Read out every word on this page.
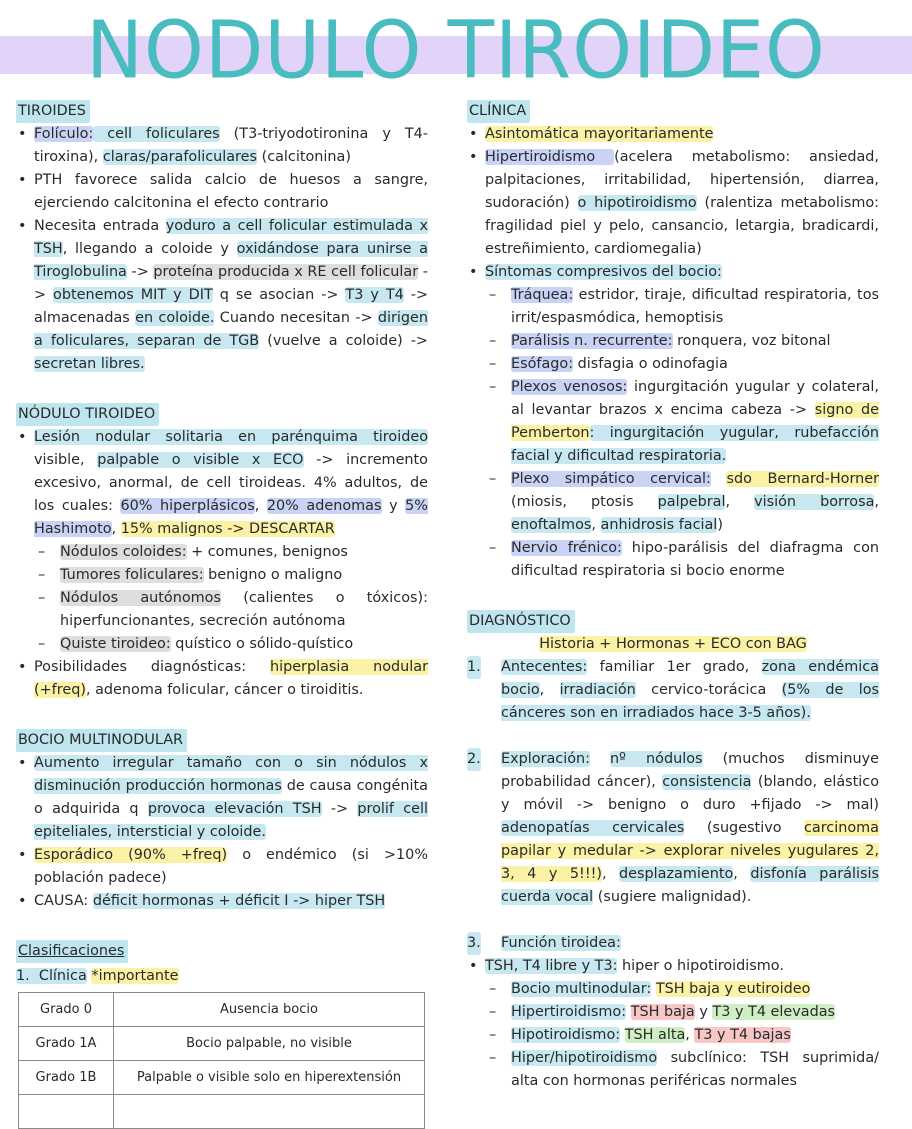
NODULO TIROIDEO
TIROIDES
• Folículo: cell foliculares (T3-triyodotironina y T4-tiroxina), claras/parafoliculares (calcitonina)
• PTH favorece salida calcio de huesos a sangre, ejerciendo calcitonina el efecto contrario
• Necesita entrada yoduro a cell folicular estimulada x TSH, llegando a coloide y oxidándose para unirse a Tiroglobulina -> proteína producida x RE cell folicular -> obtenemos MIT y DIT q se asocian -> T3 y T4 -> almacenadas en coloide. Cuando necesitan -> dirigen a foliculares, separan de TGB (vuelve a coloide) -> secretan libres.
NÓDULO TIROIDEO
• Lesión nodular solitaria en parénquima tiroideo visible, palpable o visible x ECO -> incremento excesivo, anormal, de cell tiroideas. 4% adultos, de los cuales: 60% hiperplásicos, 20% adenomas y 5% Hashimoto, 15% malignos -> DESCARTAR
– Nódulos coloides: + comunes, benignos
– Tumores foliculares: benigno o maligno
– Nódulos autónomos (calientes o tóxicos): hiperfuncionantes, secreción autónoma
– Quiste tiroideo: quístico o sólido-quístico
• Posibilidades diagnósticas: hiperplasia nodular (+freq), adenoma folicular, cáncer o tiroiditis.
BOCIO MULTINODULAR
• Aumento irregular tamaño con o sin nódulos x disminución producción hormonas de causa congénita o adquirida q provoca elevación TSH -> prolif cell epiteliales, intersticial y coloide.
• Esporádico (90% +freq) o endémico (si >10% población padece)
• CAUSA: déficit hormonas + déficit I -> hiper TSH
Clasificaciones
1. Clínica *importante
Grado 0	Ausencia bocio
Grado 1A	Bocio palpable, no visible
Grado 1B	Palpable o visible solo en hiperextensión

CLÍNICA
• Asintomática mayoritariamente
• Hipertiroidismo (acelera metabolismo: ansiedad, palpitaciones, irritabilidad, hipertensión, diarrea, sudoración) o hipotiroidismo (ralentiza metabolismo: fragilidad piel y pelo, cansancio, letargia, bradicardi, estreñimiento, cardiomegalia)
• Síntomas compresivos del bocio:
– Tráquea: estridor, tiraje, dificultad respiratoria, tos irrit/espasmódica, hemoptisis
– Parálisis n. recurrente: ronquera, voz bitonal
– Esófago: disfagia o odinofagia
– Plexos venosos: ingurgitación yugular y colateral, al levantar brazos x encima cabeza -> signo de Pemberton: ingurgitación yugular, rubefacción facial y dificultad respiratoria.
– Plexo simpático cervical: sdo Bernard-Horner (miosis, ptosis palpebral, visión borrosa, enoftalmos, anhidrosis facial)
– Nervio frénico: hipo-parálisis del diafragma con dificultad respiratoria si bocio enorme
DIAGNÓSTICO
Historia + Hormonas + ECO con BAG
1. Antecentes: familiar 1er grado, zona endémica bocio, irradiación cervico-torácica (5% de los cánceres son en irradiados hace 3-5 años).
2. Exploración: nº nódulos (muchos disminuye probabilidad cáncer), consistencia (blando, elástico y móvil -> benigno o duro +fijado -> mal) adenopatías cervicales (sugestivo carcinoma papilar y medular -> explorar niveles yugulares 2, 3, 4 y 5!!!), desplazamiento, disfonía parálisis cuerda vocal (sugiere malignidad).
3. Función tiroidea:
• TSH, T4 libre y T3: hiper o hipotiroidismo.
– Bocio multinodular: TSH baja y eutiroideo
– Hipertiroidismo: TSH baja y T3 y T4 elevadas
– Hipotiroidismo: TSH alta, T3 y T4 bajas
– Hiper/hipotiroidismo subclínico: TSH suprimida/ alta con hormonas periféricas normales
